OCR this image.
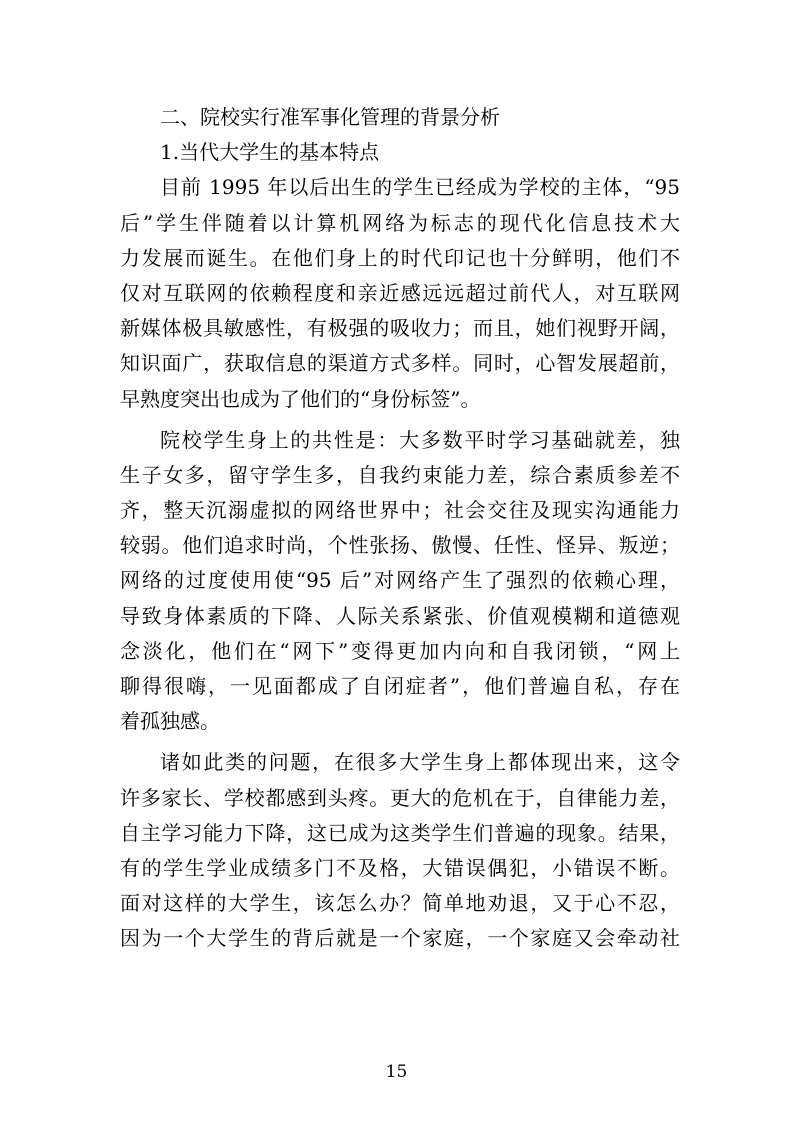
二、院校实行准军事化管理的背景分析
1.当代大学生的基本特点
目前 1995 年以后出生的学生已经成为学校的主体，“95
后”学生伴随着以计算机网络为标志的现代化信息技术大
力发展而诞生。在他们身上的时代印记也十分鲜明，他们不
仅对互联网的依赖程度和亲近感远远超过前代人，对互联网
新媒体极具敏感性，有极强的吸收力；而且，她们视野开阔，
知识面广，获取信息的渠道方式多样。同时，心智发展超前，
早熟度突出也成为了他们的“身份标签”。
院校学生身上的共性是：大多数平时学习基础就差，独
生子女多，留守学生多，自我约束能力差，综合素质参差不
齐，整天沉溺虚拟的网络世界中；社会交往及现实沟通能力
较弱。他们追求时尚，个性张扬、傲慢、任性、怪异、叛逆；
网络的过度使用使“95 后”对网络产生了强烈的依赖心理，
导致身体素质的下降、人际关系紧张、价值观模糊和道德观
念淡化，他们在“网下”变得更加内向和自我闭锁，“网上
聊得很嗨，一见面都成了自闭症者”，他们普遍自私，存在
着孤独感。
诸如此类的问题，在很多大学生身上都体现出来，这令
许多家长、学校都感到头疼。更大的危机在于，自律能力差，
自主学习能力下降，这已成为这类学生们普遍的现象。结果，
有的学生学业成绩多门不及格，大错误偶犯，小错误不断。
面对这样的大学生，该怎么办？简单地劝退，又于心不忍，
因为一个大学生的背后就是一个家庭，一个家庭又会牵动社
15
